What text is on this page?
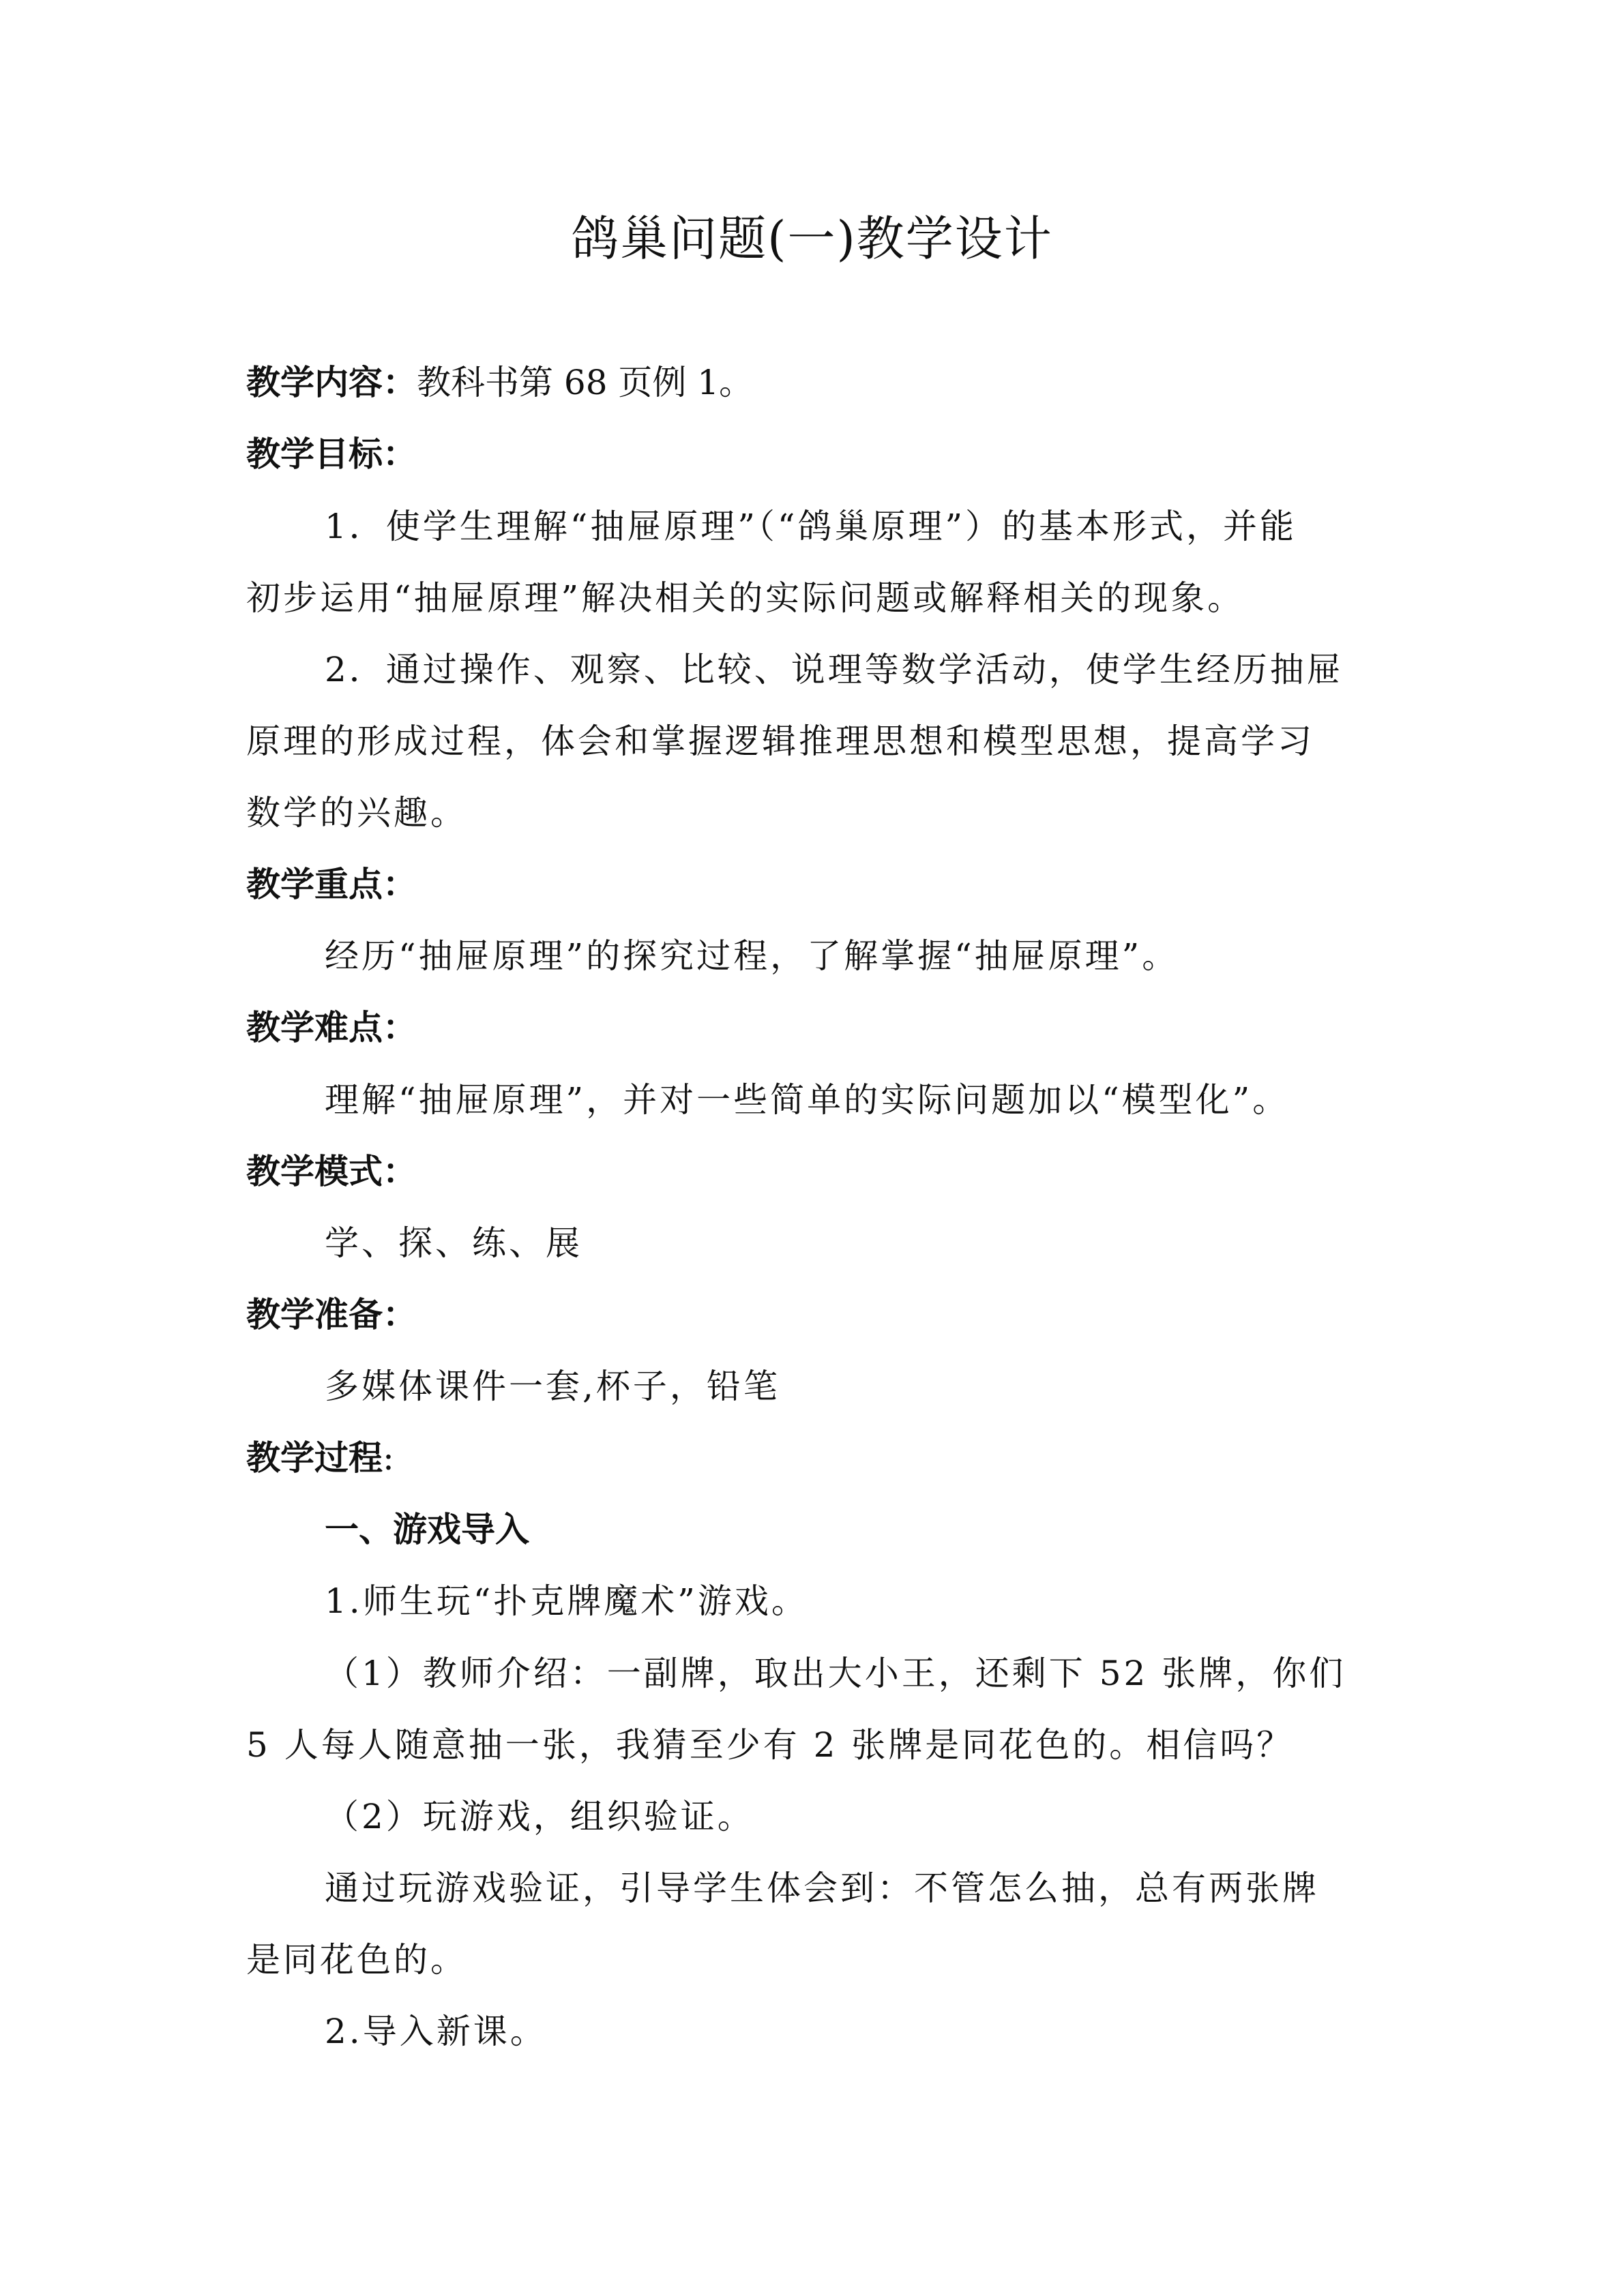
鸽巢问题(一)教学设计
教学内容：教科书第 68 页例 1。
教学目标：
1．使学生理解“抽屉原理”（“鸽巢原理”）的基本形式，并能
初步运用“抽屉原理”解决相关的实际问题或解释相关的现象。
2．通过操作、观察、比较、说理等数学活动，使学生经历抽屉
原理的形成过程，体会和掌握逻辑推理思想和模型思想，提高学习
数学的兴趣。
教学重点：
经历“抽屉原理”的探究过程，了解掌握“抽屉原理”。
教学难点：
理解“抽屉原理”，并对一些简单的实际问题加以“模型化”。
教学模式：
学、探、练、展
教学准备：
多媒体课件一套,杯子，铅笔
教学过程:
一、游戏导入
1.师生玩“扑克牌魔术”游戏。
（1）教师介绍：一副牌，取出大小王，还剩下 52 张牌，你们
5 人每人随意抽一张，我猜至少有 2 张牌是同花色的。相信吗？
（2）玩游戏，组织验证。
通过玩游戏验证，引导学生体会到：不管怎么抽，总有两张牌
是同花色的。
2.导入新课。
